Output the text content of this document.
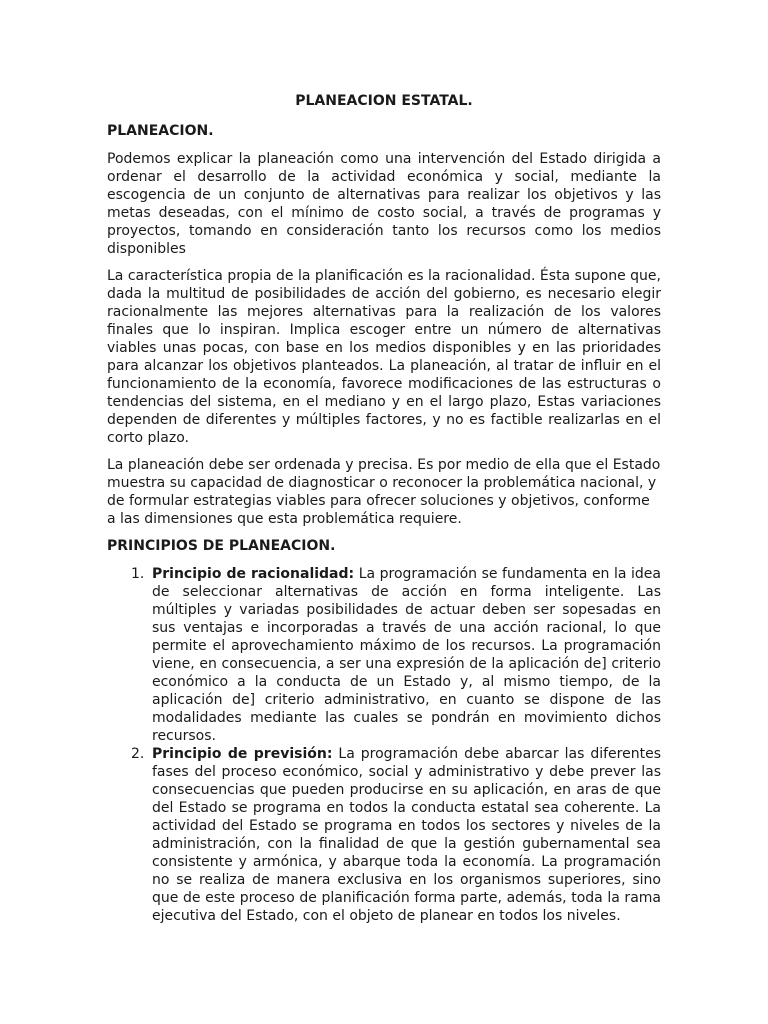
PLANEACION ESTATAL.
PLANEACION.

Podemos explicar la planeación como una intervención del Estado dirigida a ordenar el desarrollo de la actividad económica y social, mediante la escogencia de un conjunto de alternativas para realizar los objetivos y las metas deseadas, con el mínimo de costo social, a través de programas y proyectos, tomando en consideración tanto los recursos como los medios disponibles

La característica propia de la planificación es la racionalidad. Ésta supone que, dada la multitud de posibilidades de acción del gobierno, es necesario elegir racionalmente las mejores alternativas para la realización de los valores finales que lo inspiran. Implica escoger entre un número de alternativas viables unas pocas, con base en los medios disponibles y en las prioridades para alcanzar los objetivos planteados. La planeación, al tratar de influir en el funcionamiento de la economía, favorece modificaciones de las estructuras o tendencias del sistema, en el mediano y en el largo plazo, Estas variaciones dependen de diferentes y múltiples factores, y no es factible realizarlas en el corto plazo.

La planeación debe ser ordenada y precisa. Es por medio de ella que el Estado muestra su capacidad de diagnosticar o reconocer la problemática nacional, y de formular estrategias viables para ofrecer soluciones y objetivos, conforme a las dimensiones que esta problemática requiere.

PRINCIPIOS DE PLANEACION.
1. Principio de racionalidad: La programación se fundamenta en la idea de seleccionar alternativas de acción en forma inteligente. Las múltiples y variadas posibilidades de actuar deben ser sopesadas en sus ventajas e incorporadas a través de una acción racional, lo que permite el aprovechamiento máximo de los recursos. La programación viene, en consecuencia, a ser una expresión de la aplicación de] criterio económico a la conducta de un Estado y, al mismo tiempo, de la aplicación de] criterio administrativo, en cuanto se dispone de las modalidades mediante las cuales se pondrán en movimiento dichos recursos.
2. Principio de previsión: La programación debe abarcar las diferentes fases del proceso económico, social y administrativo y debe prever las consecuencias que pueden producirse en su aplicación, en aras de que del Estado se programa en todos la conducta estatal sea coherente. La actividad del Estado se programa en todos los sectores y niveles de la administración, con la finalidad de que la gestión gubernamental sea consistente y armónica, y abarque toda la economía. La programación no se realiza de manera exclusiva en los organismos superiores, sino que de este proceso de planificación forma parte, además, toda la rama ejecutiva del Estado, con el objeto de planear en todos los niveles.
